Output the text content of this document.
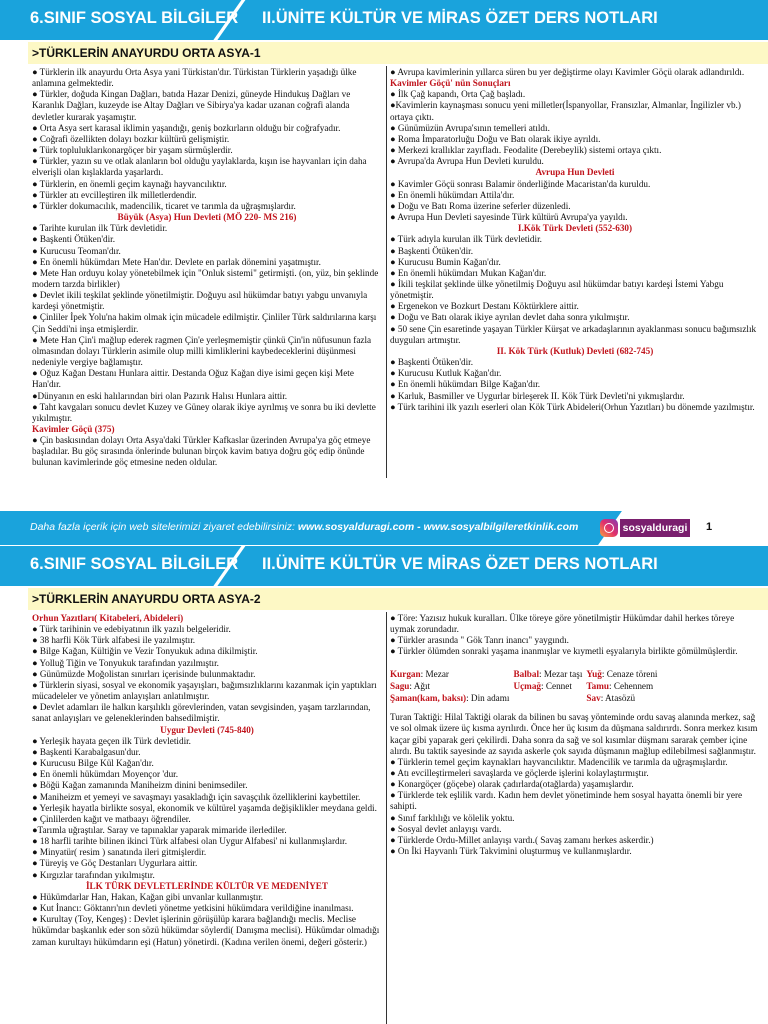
6.SINIF SOSYAL BİLGİLER II.ÜNİTE KÜLTÜR VE MİRAS ÖZET DERS NOTLARI
>TÜRKLERİN ANAYURDU ORTA ASYA-1

● Türklerin ilk anayurdu Orta Asya yani Türkistan'dır. Türkistan Türklerin yaşadığı ülke anlamına gelmektedir.

● Türkler, doğuda Kingan Dağları, batıda Hazar Denizi, güneyde Hindukuş Dağları ve Karanlık Dağları, kuzeyde ise Altay Dağları ve Sibirya'ya kadar uzanan coğrafi alanda devletler kurarak yaşamıştır.

● Orta Asya sert karasal iklimin yaşandığı, geniş bozkırların olduğu bir coğrafyadır.

● Coğrafi özellikten dolayı bozkır kültürü gelişmiştir.

● Türk topluluklarıkonargöçer bir yaşam sürmüşlerdir.

● Türkler, yazın su ve otlak alanların bol olduğu yaylaklarda, kışın ise hayvanları için daha elverişli olan kışlaklarda yaşarlardı.

● Türklerin, en önemli geçim kaynağı hayvancılıktır.

● Türkler atı evcilleştiren ilk milletlerdendir.

● Türkler dokumacılık, madencilik, ticaret ve tarımla da uğraşmışlardır.

Büyük (Asya) Hun Devleti (MÖ 220- MS 216)

● Tarihte kurulan ilk Türk devletidir.

● Başkenti Ötüken'dir.

● Kurucusu Teoman'dır.

● En önemli hükümdarı Mete Han'dır. Devlete en parlak dönemini yaşatmıştır.

● Mete Han orduyu kolay yönetebilmek için "Onluk sistemi" getirmişti. (on, yüz, bin şeklinde modern tarzda birlikler)

● Devlet ikili teşkilat şeklinde yönetilmiştir. Doğuyu asıl hükümdar batıyı yabgu unvanıyla kardeşi yönetmiştir.

● Çinliler İpek Yolu'na hakim olmak için mücadele edilmiştir. Çinliler Türk saldırılarına karşı Çin Seddi'ni inşa etmişlerdir.

● Mete Han Çin'i mağlup ederek ragmen Çin'e yerleşmemiştir çünkü Çin'in nüfusunun fazla olmasından dolayı Türklerin asimile olup milli kimliklerini kaybedeceklerini düşünmesi nedeniyle vergiye bağlamıştır.

● Oğuz Kağan Destanı Hunlara aittir. Destanda Oğuz Kağan diye isimi geçen kişi Mete Han'dır.

●Dünyanın en eski halılarından biri olan Pazırık Halısı Hunlara aittir.

● Taht kavgaları sonucu devlet Kuzey ve Güney olarak ikiye ayrılmış ve sonra bu iki devlette yıkılmıştır.

Kavimler Göçü (375)

● Çin baskısından dolayı Orta Asya'daki Türkler Kafkaslar üzerinden Avrupa'ya göç etmeye başladılar. Bu göç sırasında önlerinde bulunan birçok kavim batıya doğru göç edip önünde bulunan kavimlerinde göç etmesine neden oldular.

● Avrupa kavimlerinin yıllarca süren bu yer değiştirme olayı Kavimler Göçü olarak adlandırıldı.

Kavimler Göçü' nün Sonuçları

● İlk Çağ kapandı, Orta Çağ başladı.

●Kavimlerin kaynaşması sonucu yeni milletler(İspanyollar, Fransızlar, Almanlar, İngilizler vb.) ortaya çıktı.

● Günümüzün Avrupa'sının temelleri atıldı.

● Roma İmparatorluğu Doğu ve Batı olarak ikiye ayrıldı.

● Merkezi krallıklar zayıfladı. Feodalite (Derebeylik) sistemi ortaya çıktı.

● Avrupa'da Avrupa Hun Devleti kuruldu.

Avrupa Hun Devleti

● Kavimler Göçü sonrası Balamir önderliğinde Macaristan'da kuruldu.

● En önemli hükümdarı Attila'dır.

● Doğu ve Batı Roma üzerine seferler düzenledi.

● Avrupa Hun Devleti sayesinde Türk kültürü Avrupa'ya yayıldı.

I.Kök Türk Devleti (552-630)

● Türk adıyla kurulan ilk Türk devletidir.

● Başkenti Ötüken'dir.

● Kurucusu Bumin Kağan'dır.

● En önemli hükümdarı Mukan Kağan'dır.

● İkili teşkilat şeklinde ülke yönetilmiş Doğuyu asıl hükümdar batıyı kardeşi İstemi Yabgu yönetmiştir.

● Ergenekon ve Bozkurt Destanı Köktürklere aittir.

● Doğu ve Batı olarak ikiye ayrılan devlet daha sonra yıkılmıştır.

● 50 sene Çin esaretinde yaşayan Türkler Kürşat ve arkadaşlarının ayaklanması sonucu bağımsızlık duyguları artmıştır.

II. Kök Türk (Kutluk) Devleti (682-745)

● Başkenti Ötüken'dir.

● Kurucusu Kutluk Kağan'dır.

● En önemli hükümdarı Bilge Kağan'dır.

● Karluk, Basmiller ve Uygurlar birleşerek II. Kök Türk Devleti'ni yıkmışlardır.

● Türk tarihini ilk yazılı eserleri olan Kök Türk Abideleri(Orhun Yazıtları) bu dönemde yazılmıştır.

Daha fazla içerik için web sitelerimizi ziyaret edebilirsiniz: www.sosyalduragi.com - www.sosyalbilgileretkinlik.com	sosyalduragi 1
6.SINIF SOSYAL BİLGİLER II.ÜNİTE KÜLTÜR VE MİRAS ÖZET DERS NOTLARI
>TÜRKLERİN ANAYURDU ORTA ASYA-2

Orhun Yazıtları( Kitabeleri, Abideleri)

● Türk tarihinin ve edebiyatının ilk yazılı belgeleridir.

● 38 harfli Kök Türk alfabesi ile yazılmıştır.

● Bilge Kağan, Kültiğin ve Vezir Tonyukuk adına dikilmiştir.

● Yolluğ Tiğin ve Tonyukuk tarafından yazılmıştır.

● Günümüzde Moğolistan sınırları içerisinde bulunmaktadır.

● Türklerin siyasi, sosyal ve ekonomik yaşayışları, bağımsızlıklarını kazanmak için yaptıkları mücadeleler ve yönetim anlayışları anlatılmıştır.

● Devlet adamları ile halkın karşılıklı görevlerinden, vatan sevgisinden, yaşam tarzlarından, sanat anlayışları ve geleneklerinden bahsedilmiştir.

Uygur Devleti (745-840)

● Yerleşik hayata geçen ilk Türk devletidir.

● Başkenti Karabalgasun'dur.

● Kurucusu Bilge Kül Kağan'dır.

● En önemli hükümdarı Moyençor 'dur.

● Böğü Kağan zamanında Maniheizm dinini benimsediler.

● Maniheizm et yemeyi ve savaşmayı yasakladığı için savaşçılık özelliklerini kaybettiler.

● Yerleşik hayatla birlikte sosyal, ekonomik ve kültürel yaşamda değişiklikler meydana geldi.

● Çinlilerden kağıt ve matbaayı öğrendiler.

●Tarımla uğraştılar. Saray ve tapınaklar yaparak mimaride ilerlediler.

● 18 harfli tarihte bilinen ikinci Türk alfabesi olan Uygur Alfabesi' ni kullanmışlardır.

● Minyatür( resim ) sanatında ileri gitmişlerdir.

● Türeyiş ve Göç Destanları Uygurlara aittir.

● Kırgızlar tarafından yıkılmıştır.

İLK TÜRK DEVLETLERİNDE KÜLTÜR VE MEDENİYET

● Hükümdarlar Han, Hakan, Kağan gibi unvanlar kullanmıştır.

● Kut İnancı: Göktanrı'nın devleti yönetme yetkisini hükümdara verildiğine inanılması.

● Kurultay (Toy, Kengeş) : Devlet işlerinin görüşülüp karara bağlandığı meclis. Meclise hükümdar başkanlık eder son sözü hükümdar söylerdi( Danışma meclisi). Hükümdar olmadığı zaman kurultayı hükümdarın eşi (Hatun) yönetirdi. (Kadına verilen önemi, değeri gösterir.)

● Töre: Yazısız hukuk kuralları. Ülke töreye göre yönetilmiştir Hükümdar dahil herkes töreye uymak zorundadır.

● Türkler arasında " Gök Tanrı inancı" yaygındı.

● Türkler ölümden sonraki yaşama inanmışlar ve kıymetli eşyalarıyla birlikte gömülmüşlerdir.

Kurgan: Mezar	Balbal: Mezar taşı	Yuğ: Cenaze töreni
Sagu: Ağıt	Uçmağ: Cennet	Tamu: Cehennem
Şaman(kam, baksı): Din adamı		Sav: Atasözü

Turan Taktiği: Hilal Taktiği olarak da bilinen bu savaş yönteminde ordu savaş alanında merkez, sağ ve sol olmak üzere üç kısma ayrılırdı. Önce her üç kısım da düşmana saldırırdı. Sonra merkez kısım kaçar gibi yaparak geri çekilirdi. Daha sonra da sağ ve sol kısımlar düşmanı sararak çember içine alırdı. Bu taktik sayesinde az sayıda askerle çok sayıda düşmanın mağlup edilebilmesi sağlanmıştır.

● Türklerin temel geçim kaynakları hayvancılıktır. Madencilik ve tarımla da uğraşmışlardır.

● Atı evcilleştirmeleri savaşlarda ve göçlerde işlerini kolaylaştırmıştır.

● Konargöçer (göçebe) olarak çadırlarda(otağlarda) yaşamışlardır.

● Türklerde tek eşlilik vardı. Kadın hem devlet yönetiminde hem sosyal hayatta önemli bir yere sahipti.

● Sınıf farklılığı ve kölelik yoktu.

● Sosyal devlet anlayışı vardı.

● Türklerde Ordu-Millet anlayışı vardı.( Savaş zamanı herkes askerdir.)

● On İki Hayvanlı Türk Takvimini oluşturmuş ve kullanmışlardır.
